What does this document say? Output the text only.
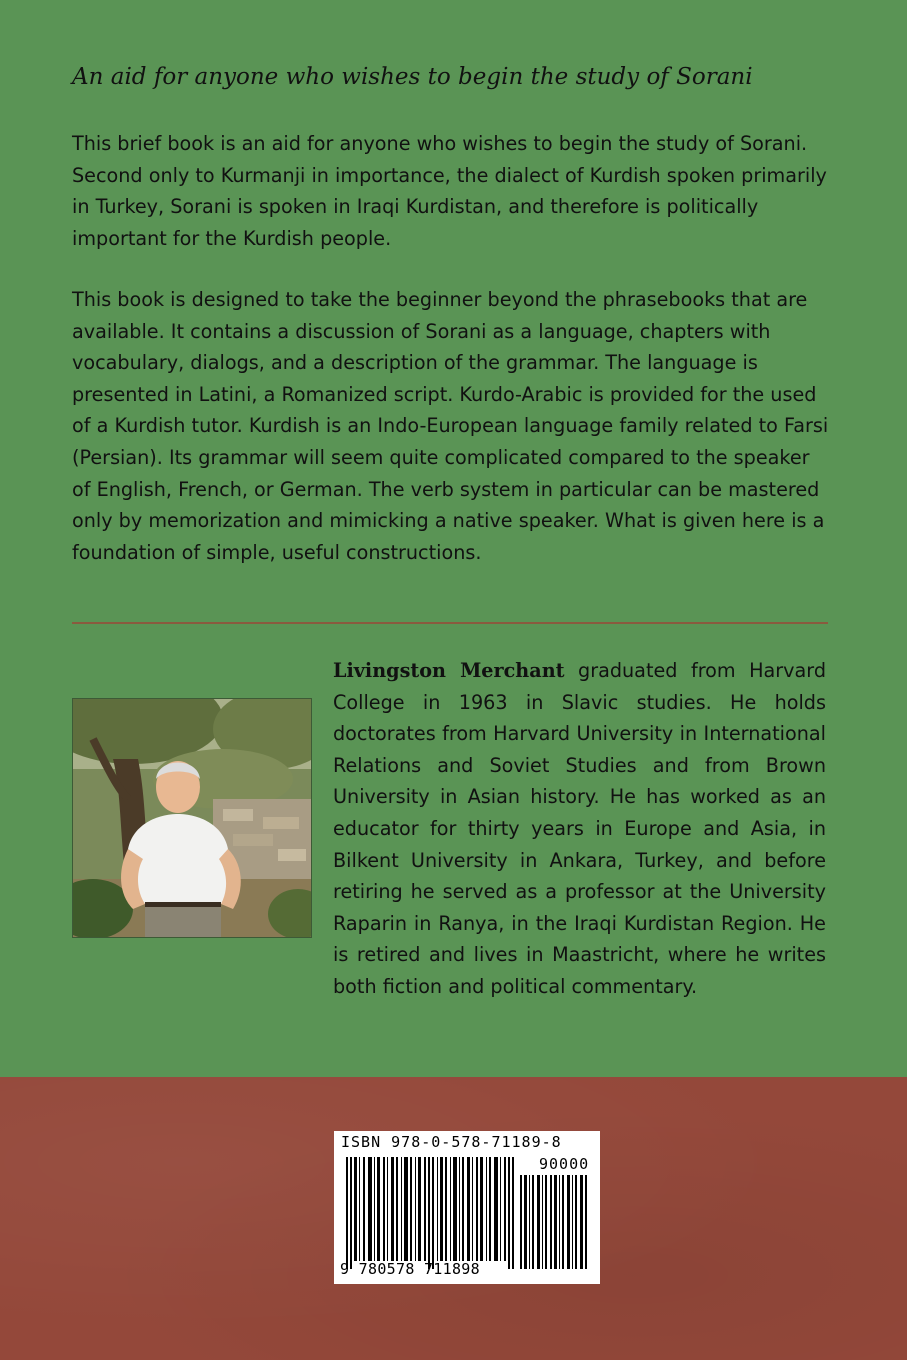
An aid for anyone who wishes to begin the study of Sorani

This brief book is an aid for anyone who wishes to begin the study of Sorani. Second only to Kurmanji in importance, the dialect of Kurdish spoken primarily in Turkey, Sorani is spoken in Iraqi Kurdistan, and therefore is politically important for the Kurdish people.

This book is designed to take the beginner beyond the phrasebooks that are available. It contains a discussion of Sorani as a language, chapters with vocabulary, dialogs, and a description of the grammar. The language is presented in Latini, a Romanized script. Kurdo-Arabic is provided for the used of a Kurdish tutor. Kurdish is an Indo-European language family related to Farsi (Persian). Its grammar will seem quite complicated compared to the speaker of English, French, or German. The verb system in particular can be mastered only by memorization and mimicking a native speaker. What is given here is a foundation of simple, useful constructions.

Livingston Merchant graduated from Harvard College in 1963 in Slavic studies. He holds doctorates from Harvard University in International Relations and Soviet Studies and from Brown University in Asian history. He has worked as an educator for thirty years in Europe and Asia, in Bilkent University in Ankara, Turkey, and before retiring he served as a professor at the University Raparin in Ranya, in the Iraqi Kurdistan Region. He is retired and lives in Maastricht, where he writes both fiction and political commentary.

ISBN 978-0-578-71189-8
90000
9 780578 711898
